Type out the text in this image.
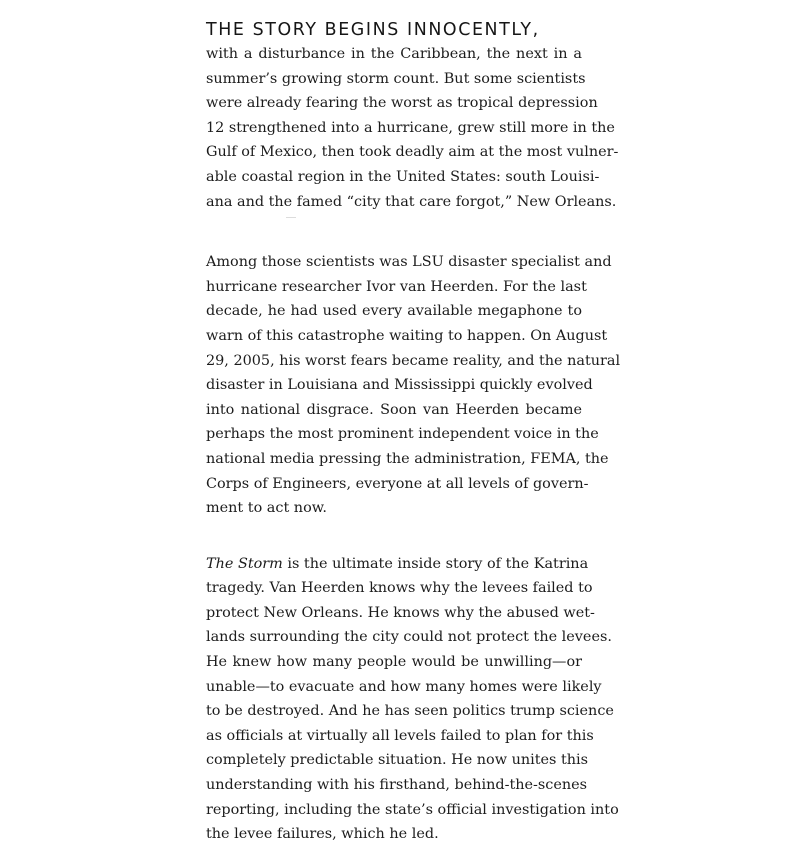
THE STORY BEGINS INNOCENTLY,
with a disturbance in the Caribbean, the next in a
summer’s growing storm count. But some scientists
were already fearing the worst as tropical depression
12 strengthened into a hurricane, grew still more in the
Gulf of Mexico, then took deadly aim at the most vulner-
able coastal region in the United States: south Louisi-
ana and the famed “city that care forgot,” New Orleans.
Among those scientists was LSU disaster specialist and
hurricane researcher Ivor van Heerden. For the last
decade, he had used every available megaphone to
warn of this catastrophe waiting to happen. On August
29, 2005, his worst fears became reality, and the natural
disaster in Louisiana and Mississippi quickly evolved
into national disgrace. Soon van Heerden became
perhaps the most prominent independent voice in the
national media pressing the administration, FEMA, the
Corps of Engineers, everyone at all levels of govern-
ment to act now.
The Storm is the ultimate inside story of the Katrina
tragedy. Van Heerden knows why the levees failed to
protect New Orleans. He knows why the abused wet-
lands surrounding the city could not protect the levees.
He knew how many people would be unwilling—or
unable—to evacuate and how many homes were likely
to be destroyed. And he has seen politics trump science
as officials at virtually all levels failed to plan for this
completely predictable situation. He now unites this
understanding with his firsthand, behind-the-scenes
reporting, including the state’s official investigation into
the levee failures, which he led.
